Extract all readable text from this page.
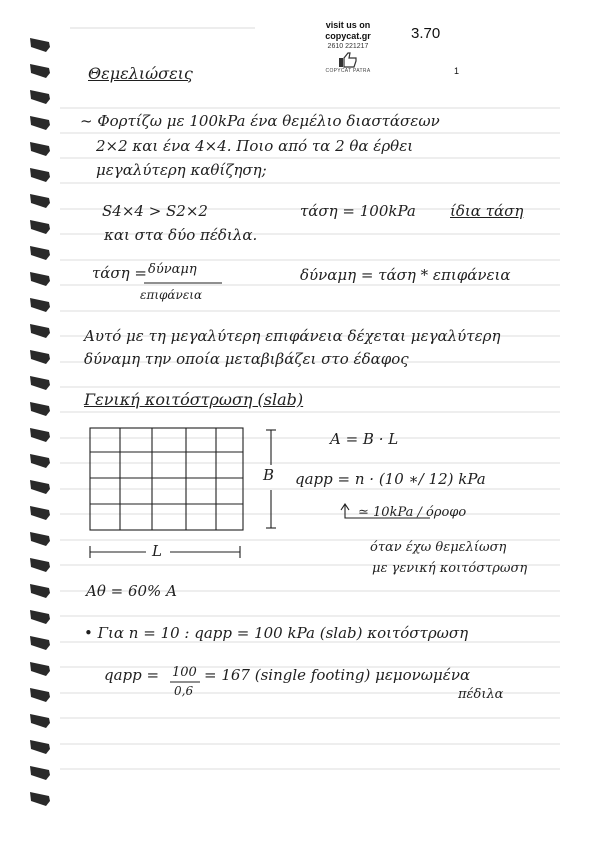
visit us on
copycat.gr
2610 221217
COPYCAT PATRA
3.70
1
Θεμελιώσεις
~ Φορτίζω με 100kPa ένα θεμέλιο διαστάσεων
2×2 και ένα 4×4. Ποιο από τα 2 θα έρθει
μεγαλύτερη καθίζηση;
S4×4 > S2×2	τάση = 100kPa ίδια τάση
και στα δύο πέδιλα.
τάση = δύναμη
επιφάνεια
δύναμη = τάση * επιφάνεια
Αυτό με τη μεγαλύτερη επιφάνεια δέχεται μεγαλύτερη
δύναμη την οποία μεταβιβάζει στο έδαφος
Γενική κοιτόστρωση (slab)
B
L
A = B · L
qapp = n · (10 ∗/ 12) kPa
≃ 10kPa / όροφο
όταν έχω θεμελίωση
με γενική κοιτόστρωση
Aθ = 60% A
• Για n = 10 : qapp = 100 kPa (slab) κοιτόστρωση
qapp = 100
0,6
= 167 (single footing) μεμονωμένα
πέδιλα
